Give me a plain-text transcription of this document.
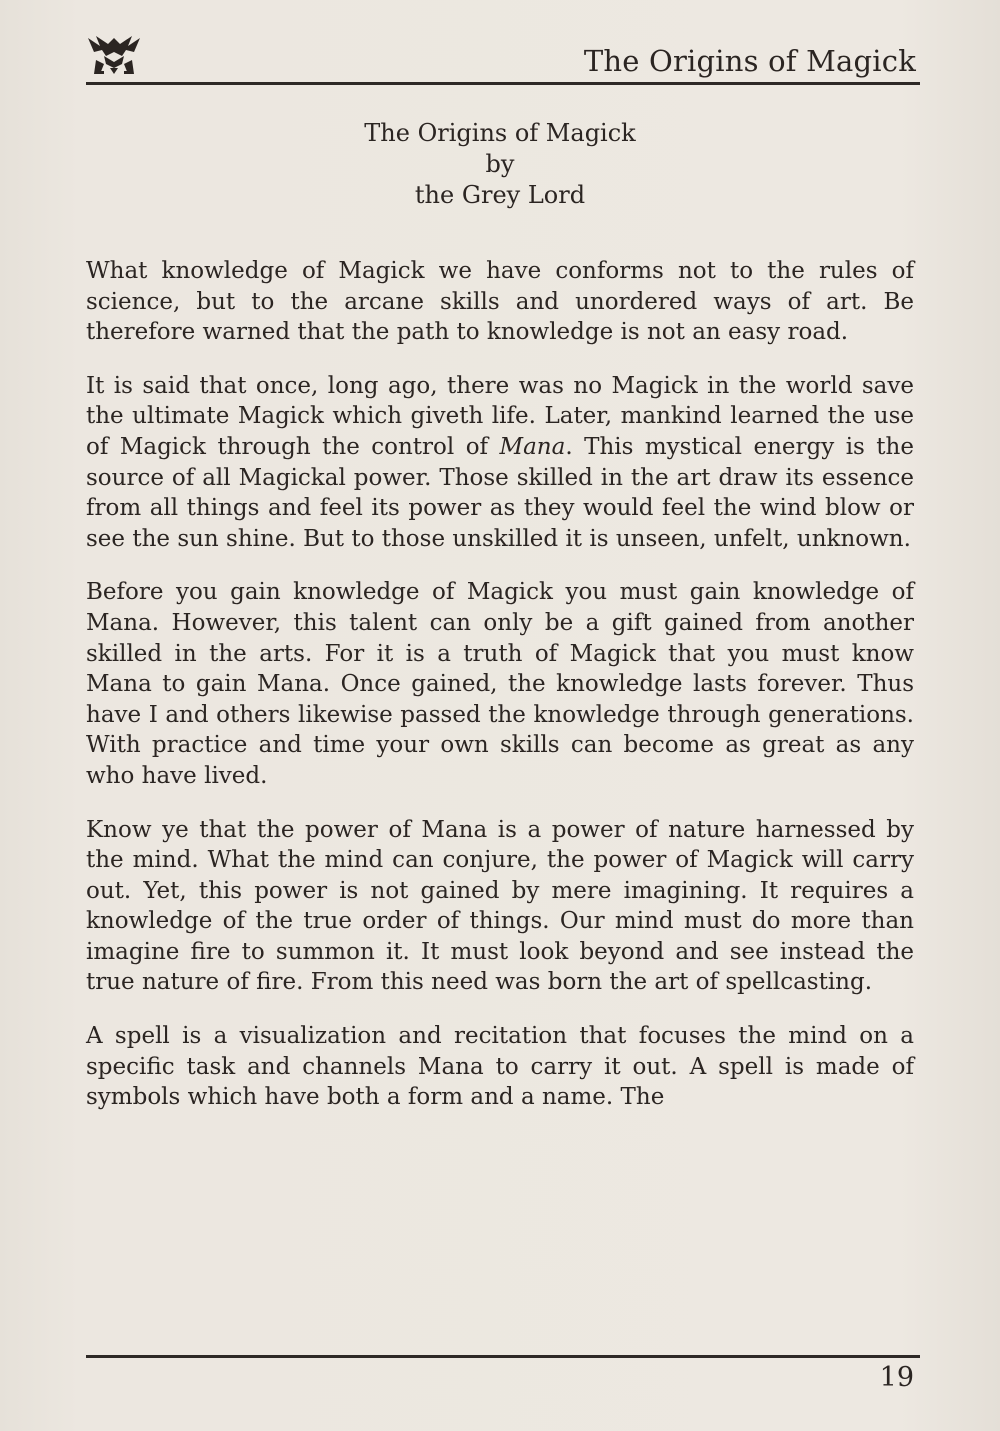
The Origins of Magick
The Origins of Magick
by
the Grey Lord

What knowledge of Magick we have conforms not to the rules of science, but to the arcane skills and unordered ways of art. Be therefore warned that the path to knowledge is not an easy road.

It is said that once, long ago, there was no Magick in the world save the ultimate Magick which giveth life. Later, mankind learned the use of Magick through the control of Mana. This mystical energy is the source of all Magickal power. Those skilled in the art draw its essence from all things and feel its power as they would feel the wind blow or see the sun shine. But to those unskilled it is unseen, unfelt, unknown.

Before you gain knowledge of Magick you must gain knowledge of Mana. However, this talent can only be a gift gained from another skilled in the arts. For it is a truth of Magick that you must know Mana to gain Mana. Once gained, the knowledge lasts forever. Thus have I and others likewise passed the knowledge through generations. With practice and time your own skills can become as great as any who have lived.

Know ye that the power of Mana is a power of nature harnessed by the mind. What the mind can conjure, the power of Magick will carry out. Yet, this power is not gained by mere imagining. It requires a knowledge of the true order of things. Our mind must do more than imagine fire to summon it. It must look beyond and see instead the true nature of fire. From this need was born the art of spellcasting.

A spell is a visualization and recitation that focuses the mind on a specific task and channels Mana to carry it out. A spell is made of symbols which have both a form and a name. The

19
